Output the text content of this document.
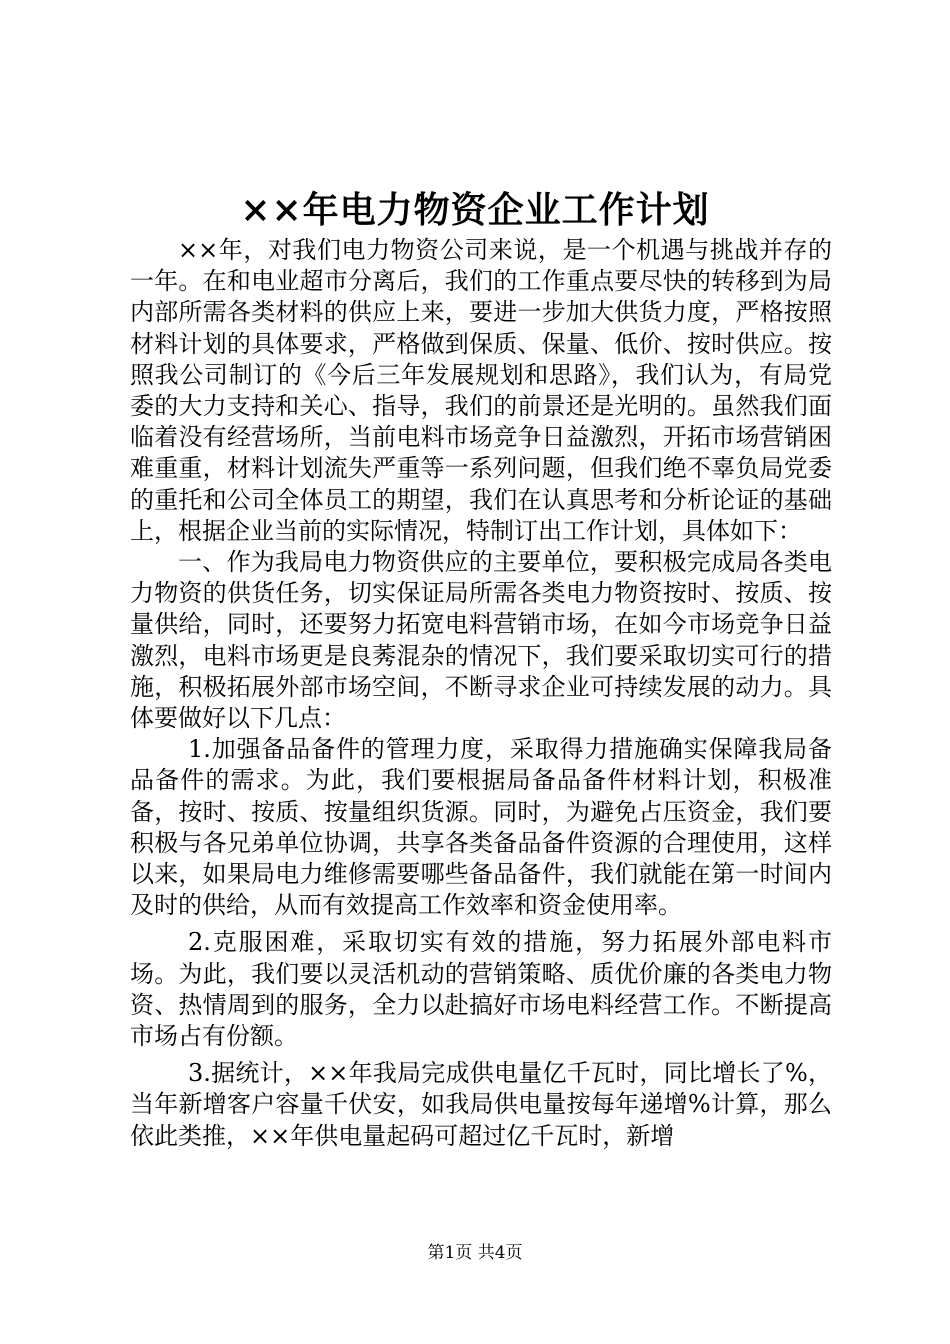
××年电力物资企业工作计划

××年，对我们电力物资公司来说，是一个机遇与挑战并存的一年。在和电业超市分离后，我们的工作重点要尽快的转移到为局内部所需各类材料的供应上来，要进一步加大供货力度，严格按照材料计划的具体要求，严格做到保质、保量、低价、按时供应。按照我公司制订的《今后三年发展规划和思路》，我们认为，有局党委的大力支持和关心、指导，我们的前景还是光明的。虽然我们面临着没有经营场所，当前电料市场竞争日益激烈，开拓市场营销困难重重，材料计划流失严重等一系列问题，但我们绝不辜负局党委的重托和公司全体员工的期望，我们在认真思考和分析论证的基础上，根据企业当前的实际情况，特制订出工作计划，具体如下：

一、作为我局电力物资供应的主要单位，要积极完成局各类电力物资的供货任务，切实保证局所需各类电力物资按时、按质、按量供给，同时，还要努力拓宽电料营销市场，在如今市场竞争日益激烈，电料市场更是良莠混杂的情况下，我们要采取切实可行的措施，积极拓展外部市场空间，不断寻求企业可持续发展的动力。具体要做好以下几点：

1.加强备品备件的管理力度，采取得力措施确实保障我局备品备件的需求。为此，我们要根据局备品备件材料计划，积极准备，按时、按质、按量组织货源。同时，为避免占压资金，我们要积极与各兄弟单位协调，共享各类备品备件资源的合理使用，这样以来，如果局电力维修需要哪些备品备件，我们就能在第一时间内及时的供给，从而有效提高工作效率和资金使用率。

2.克服困难，采取切实有效的措施，努力拓展外部电料市场。为此，我们要以灵活机动的营销策略、质优价廉的各类电力物资、热情周到的服务，全力以赴搞好市场电料经营工作。不断提高市场占有份额。

3.据统计，××年我局完成供电量亿千瓦时，同比增长了%，当年新增客户容量千伏安，如我局供电量按每年递增%计算，那么依此类推，××年供电量起码可超过亿千瓦时，新增

第1页 共4页
